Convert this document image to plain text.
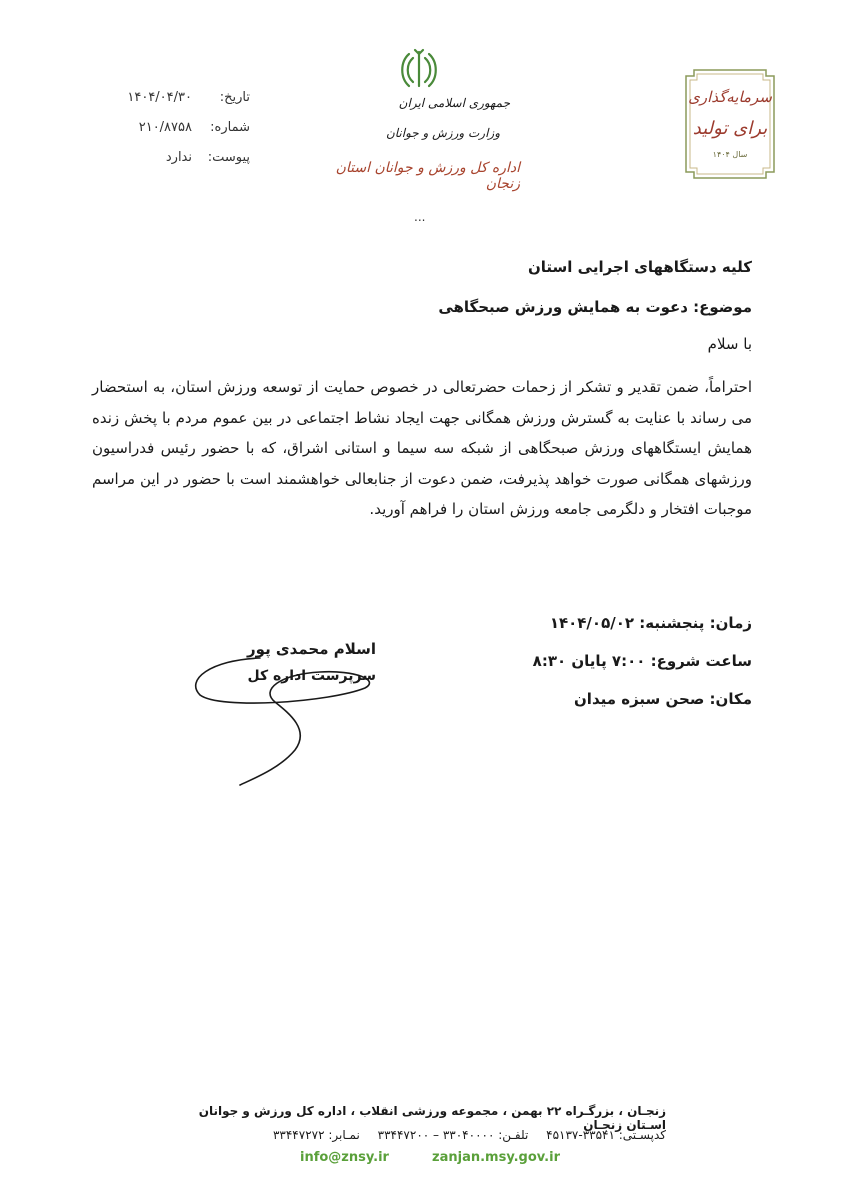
تاریخ:
۱۴۰۴/۰۴/۳۰
شماره:
۲۱۰/۸۷۵۸
پیوست:
ندارد
جمهوری اسلامی ایران
وزارت ورزش و جوانان
اداره کل ورزش و جوانان استان زنجان
...
سرمایه‌گذاری
برای تولید
سال ۱۴۰۴
کلیه دستگاههای اجرایی استان
موضوع: دعوت به همایش ورزش صبحگاهی
با سلام
احتراماً، ضمن تقدیر و تشکر از زحمات حضرتعالی در خصوص حمایت از توسعه ورزش استان، به استحضار می رساند با عنایت به گسترش ورزش همگانی جهت ایجاد نشاط اجتماعی در بین عموم مردم با پخش زنده همایش ایستگاههای ورزش صبحگاهی از شبکه سه سیما و استانی اشراق، که با حضور رئیس فدراسیون ورزشهای همگانی صورت خواهد پذیرفت، ضمن دعوت از جنابعالی خواهشمند است با حضور در این مراسم موجبات افتخار و دلگرمی جامعه ورزش استان را فراهم آورید.
زمان: پنجشنبه: ۱۴۰۴/۰۵/۰۲
ساعت شروع: ۷:۰۰ پایان ۸:۳۰
مکان: صحن سبزه میدان
اسلام محمدی پور
سرپرست اداره کل
زنجـان ، بزرگـراه ۲۲ بهمن ، مجموعه ورزشی انقلاب ، اداره کل ورزش و جوانان اسـتان زنجـان
کدپسـتی: ۳۳۵۴۱-۴۵۱۳۷ تلفـن: ۳۳۰۴۰۰۰۰ – ۳۳۴۴۷۲۰۰ نمـابر: ۳۳۴۴۷۲۷۲
info@znsy.ir	zanjan.msy.gov.ir
